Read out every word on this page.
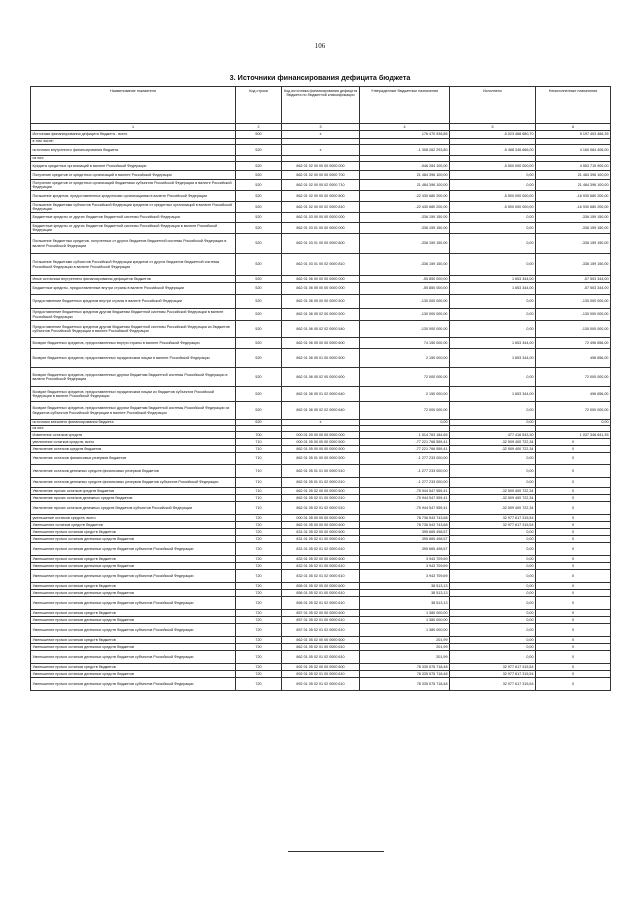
106
3. Источники финансирования дефицита бюджета
Наименование показателя	Код строки	Код источника финансирования дефицита бюджета по бюджетной классификации	Утвержденные бюджетные назначения	Исполнено	Неисполненные назначения
1	2	3	4	5	6
Источники финансирования дефицита бюджета - всего	500	x	176 470 936,85	-5 023 468 680,70	5 197 403 466,35
в том числе:					
источники внутреннего финансирования бюджета	520	x	-1 308 262 293,80	-5 468 346 666,00	4 160 084 406,00
из них:					
Кредиты кредитных организаций в валюте Российской Федерации	520	862 01 02 00 00 00 0000 000	-946 284 100,00	-5 500 000 000,00	4 553 715 900,00
Получение кредитов от кредитных организаций в валюте Российской Федерации	520	862 01 02 00 00 00 0000 700	21 484 396 100,00	0,00	21 484 396 100,00
Получение кредитов от кредитных организаций бюджетами субъектов Российской Федерации в валюте Российской Федерации	520	862 01 02 00 00 02 0000 710	21 484 396 100,00	0,00	21 484 396 100,00
Погашение кредитов, предоставленных кредитными организациями в валюте Российской Федерации	520	862 01 02 00 00 00 0000 800	-22 430 680 200,00	-5 500 000 000,00	-16 930 680 200,00
Погашение бюджетами субъектов Российской Федерации кредитов от кредитных организаций в валюте Российской Федерации	520	862 01 02 00 00 02 0000 810	-22 430 680 200,00	-5 500 000 000,00	-16 930 680 200,00
Бюджетные кредиты от других бюджетов бюджетной системы Российской Федерации	520	862 01 03 00 00 00 0000 000	-336 159 150,00	0,00	-336 159 150,00
Бюджетные кредиты от других бюджетов бюджетной системы Российской Федерации в валюте Российской Федерации	520	862 01 03 01 00 00 0000 000	-336 159 150,00	0,00	-336 159 150,00
Погашение бюджетных кредитов, полученных от других бюджетов бюджетной системы Российской Федерации в валюте Российской Федерации	520	862 01 03 01 00 00 0000 800	-336 159 150,00	0,00	-336 159 150,00
Погашение бюджетами субъектов Российской Федерации кредитов от других бюджетов бюджетной системы Российской Федерации в валюте Российской Федерации	520	862 01 03 01 00 02 0000 810	-336 159 150,00	0,00	-336 159 150,00
Иные источники внутреннего финансирования дефицитов бюджетов	520	862 01 06 00 00 00 0000 000	-55 850 000,00	1 653 344,00	-57 503 344,00
Бюджетные кредиты, предоставленные внутри страны в валюте Российской Федерации	520	862 01 06 05 00 00 0000 000	-55 850 000,00	1 653 344,00	-57 503 344,00
Предоставление бюджетных кредитов внутри страны в валюте Российской Федерации	520	862 01 06 05 00 00 0000 500	-130 000 000,00	0,00	-130 000 000,00
Предоставление бюджетных кредитов другим бюджетам бюджетной системы Российской Федерации в валюте Российской Федерации	520	862 01 06 05 02 00 0000 500	-130 000 000,00	0,00	-130 000 000,00
Предоставление бюджетных кредитов другим бюджетам бюджетной системы Российской Федерации из бюджетов субъектов Российской Федерации в валюте Российской Федерации	520	862 01 06 05 02 02 0000 540	-130 000 000,00	0,00	-130 000 000,00
Возврат бюджетных кредитов, предоставленных внутри страны в валюте Российской Федерации	520	862 01 06 05 00 00 0000 600	74 150 000,00	1 653 344,00	72 496 656,00
Возврат бюджетных кредитов, предоставленных юридическим лицам в валюте Российской Федерации	520	862 01 06 05 01 00 0000 600	2 150 000,00	1 653 344,00	496 656,00
Возврат бюджетных кредитов, предоставленных другим бюджетам бюджетной системы Российской Федерации в валюте Российской Федерации	520	862 01 06 05 02 00 0000 600	72 000 000,00	0,00	72 000 000,00
Возврат бюджетных кредитов, предоставленных юридическим лицам из бюджетов субъектов Российской Федерации в валюте Российской Федерации	520	862 01 06 05 01 02 0000 640	2 150 000,00	1 653 344,00	496 656,00
Возврат бюджетных кредитов, предоставленных другим бюджетам бюджетной системы Российской Федерации из бюджетов субъектов Российской Федерации в валюте Российской Федерации	520	862 01 06 05 02 02 0000 640	72 000 000,00	0,00	72 000 000,00
источники внешнего финансирования бюджета	620	x	0,00	0,00	0,00
из них:					
Изменение остатков средств	700	000 01 00 00 00 00 0000 000	1 514 763 184,65	477 416 543,30	1 037 346 641,35
увеличение остатков средств, всего	710	000 01 05 00 00 00 0000 500	-77 221 766 559,41	-32 509 400 722,34	X
Увеличение остатков средств бюджетов	710	862 01 05 00 00 00 0000 500	-77 221 766 559,41	-32 509 400 722,34	X
Увеличение остатков финансовых резервов бюджетов	710	862 01 05 01 00 00 0000 500	-1 277 233 000,00	0,00	X
Увеличение остатков денежных средств финансовых резервов бюджетов	710	862 01 05 01 01 00 0000 510	-1 277 233 000,00	0,00	X
Увеличение остатков денежных средств финансовых резервов бюджетов субъектов Российской Федерации	710	862 01 05 01 01 02 0000 510	-1 277 233 000,00	0,00	X
Увеличение прочих остатков средств бюджетов	710	862 01 05 02 00 00 0000 500	-75 944 547 559,41	-32 509 400 722,34	X
Увеличение прочих остатков денежных средств бюджетов	710	862 01 05 02 01 00 0000 510	-75 944 547 559,41	-32 509 400 722,34	X
Увеличение прочих остатков денежных средств бюджетов субъектов Российской Федерации	710	862 01 05 02 01 02 0000 510	-75 944 547 559,41	-32 509 400 722,34	X
уменьшение остатков средств, всего	720	000 01 05 00 00 00 0000 600	78 736 543 743,68	32 977 617 315,54	X
Уменьшение остатков средств бюджетов	720	862 01 05 00 00 00 0000 600	78 736 543 743,68	32 977 617 315,54	X
Уменьшение прочих остатков средств бюджетов	720	831 01 05 02 00 00 0000 600	395 665 498,57	0,00	X
Уменьшение прочих остатков денежных средств бюджетов	720	831 01 05 02 01 00 0000 610	395 665 498,57	0,00	X
Уменьшение прочих остатков денежных средств бюджетов субъектов Российской Федерации	720	831 01 05 02 01 02 0000 610	395 665 498,57	0,00	X
Уменьшение прочих остатков средств бюджетов	720	832 01 05 02 00 00 0000 600	3 943 709,69	0,00	X
Уменьшение прочих остатков денежных средств бюджетов	720	832 01 05 02 01 00 0000 610	3 943 709,69	0,00	X
Уменьшение прочих остатков денежных средств бюджетов субъектов Российской Федерации	720	832 01 05 02 01 02 0000 610	3 943 709,69	0,00	X
Уменьшение прочих остатков средств бюджетов	720	856 01 05 02 00 00 0000 600	38 513,13	0,00	X
Уменьшение прочих остатков денежных средств бюджетов	720	856 01 05 02 01 00 0000 610	38 513,13	0,00	X
Уменьшение прочих остатков денежных средств бюджетов субъектов Российской Федерации	720	856 01 05 02 01 02 0000 610	38 513,13	0,00	X
Уменьшение прочих остатков средств бюджетов	720	857 01 05 02 00 00 0000 600	1 380 000,00	0,00	X
Уменьшение прочих остатков денежных средств бюджетов	720	857 01 05 02 01 00 0000 610	1 380 000,00	0,00	X
Уменьшение прочих остатков денежных средств бюджетов субъектов Российской Федерации	720	857 01 05 02 01 02 0000 610	1 380 000,00	0,00	X
Уменьшение прочих остатков средств бюджетов	720	862 01 05 02 00 00 0000 600	201,99	0,00	X
Уменьшение прочих остатков денежных средств бюджетов	720	862 01 05 02 01 00 0000 610	201,99	0,00	X
Уменьшение прочих остатков денежных средств бюджетов субъектов Российской Федерации	720	862 01 05 02 01 02 0000 610	201,99	0,00	X
Уменьшение прочих остатков средств бюджетов	720	892 01 05 02 00 00 0000 600	78 335 575 718,48	32 977 617 315,54	X
Уменьшение прочих остатков денежных средств бюджетов	720	892 01 05 02 01 00 0000 610	78 335 575 718,48	32 977 617 315,54	X
Уменьшение прочих остатков денежных средств бюджетов субъектов Российской Федерации	720	892 01 05 02 01 02 0000 610	78 335 575 718,48	32 977 617 315,54	X
